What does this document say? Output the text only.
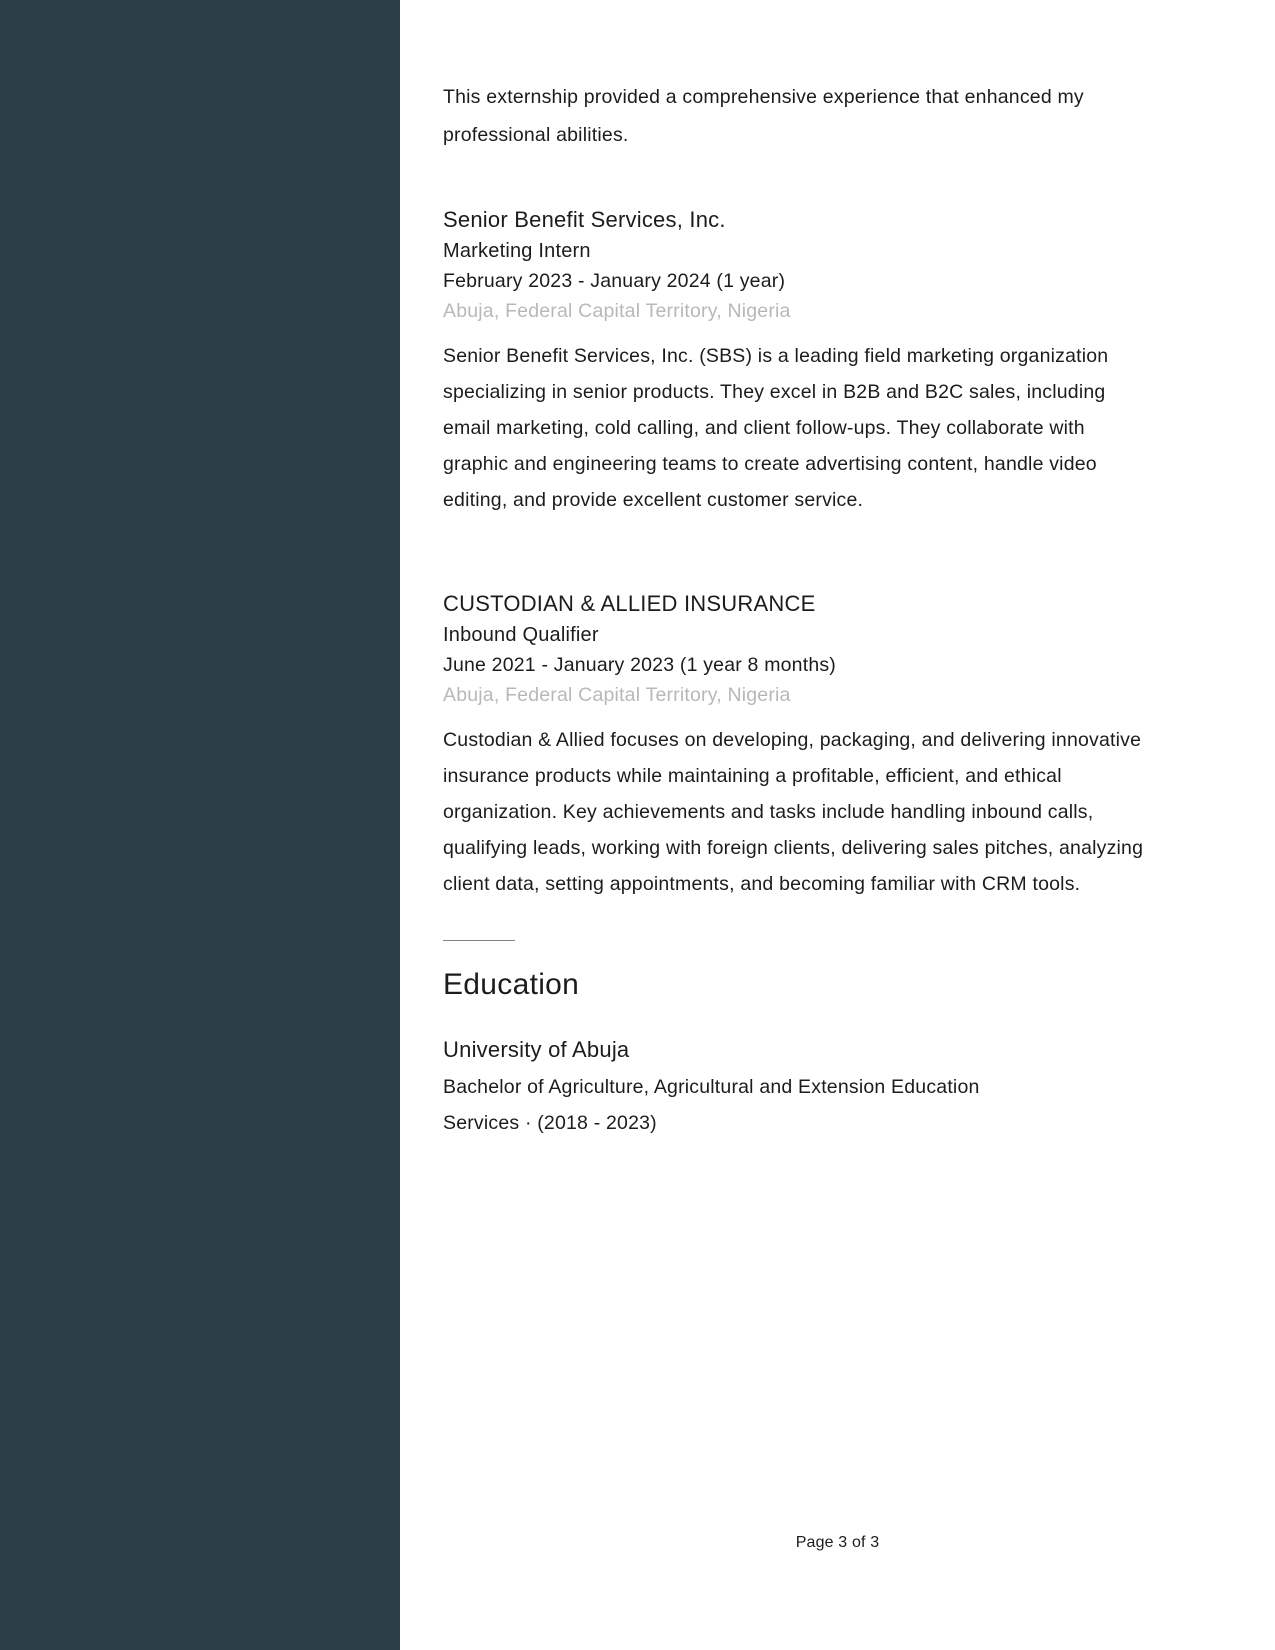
This externship provided a comprehensive experience that enhanced my professional abilities.

Senior Benefit Services, Inc.

Marketing Intern

February 2023 - January 2024 (1 year)

Abuja, Federal Capital Territory, Nigeria

Senior Benefit Services, Inc. (SBS) is a leading field marketing organization specializing in senior products. They excel in B2B and B2C sales, including email marketing, cold calling, and client follow-ups. They collaborate with graphic and engineering teams to create advertising content, handle video editing, and provide excellent customer service.

CUSTODIAN & ALLIED INSURANCE

Inbound Qualifier

June 2021 - January 2023 (1 year 8 months)

Abuja, Federal Capital Territory, Nigeria

Custodian & Allied focuses on developing, packaging, and delivering innovative insurance products while maintaining a profitable, efficient, and ethical organization. Key achievements and tasks include handling inbound calls, qualifying leads, working with foreign clients, delivering sales pitches, analyzing client data, setting appointments, and becoming familiar with CRM tools.

Education

University of Abuja

Bachelor of Agriculture, Agricultural and Extension Education Services · (2018 - 2023)

Page 3 of 3
